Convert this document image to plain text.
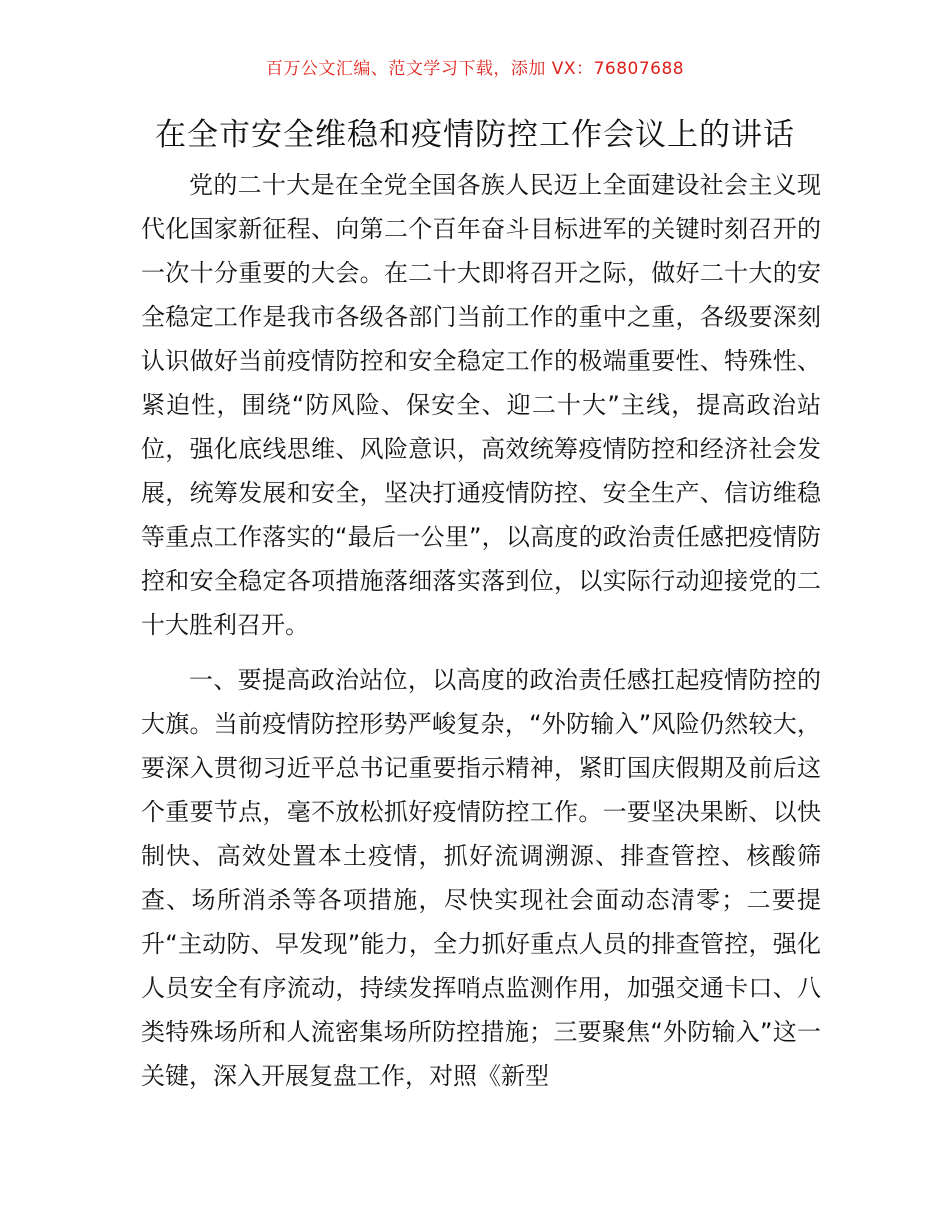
百万公文汇编、范文学习下载，添加 VX：76807688
在全市安全维稳和疫情防控工作会议上的讲话

党的二十大是在全党全国各族人民迈上全面建设社会主义现代化国家新征程、向第二个百年奋斗目标进军的关键时刻召开的一次十分重要的大会。在二十大即将召开之际，做好二十大的安全稳定工作是我市各级各部门当前工作的重中之重，各级要深刻认识做好当前疫情防控和安全稳定工作的极端重要性、特殊性、紧迫性，围绕“防风险、保安全、迎二十大”主线，提高政治站位，强化底线思维、风险意识，高效统筹疫情防控和经济社会发展，统筹发展和安全，坚决打通疫情防控、安全生产、信访维稳等重点工作落实的“最后一公里”，以高度的政治责任感把疫情防控和安全稳定各项措施落细落实落到位，以实际行动迎接党的二十大胜利召开。

一、要提高政治站位，以高度的政治责任感扛起疫情防控的大旗。当前疫情防控形势严峻复杂，“外防输入”风险仍然较大，要深入贯彻习近平总书记重要指示精神，紧盯国庆假期及前后这个重要节点，毫不放松抓好疫情防控工作。一要坚决果断、以快制快、高效处置本土疫情，抓好流调溯源、排查管控、核酸筛查、场所消杀等各项措施，尽快实现社会面动态清零；二要提升“主动防、早发现”能力，全力抓好重点人员的排查管控，强化人员安全有序流动，持续发挥哨点监测作用，加强交通卡口、八类特殊场所和人流密集场所防控措施；三要聚焦“外防输入”这一关键，深入开展复盘工作，对照《新型
